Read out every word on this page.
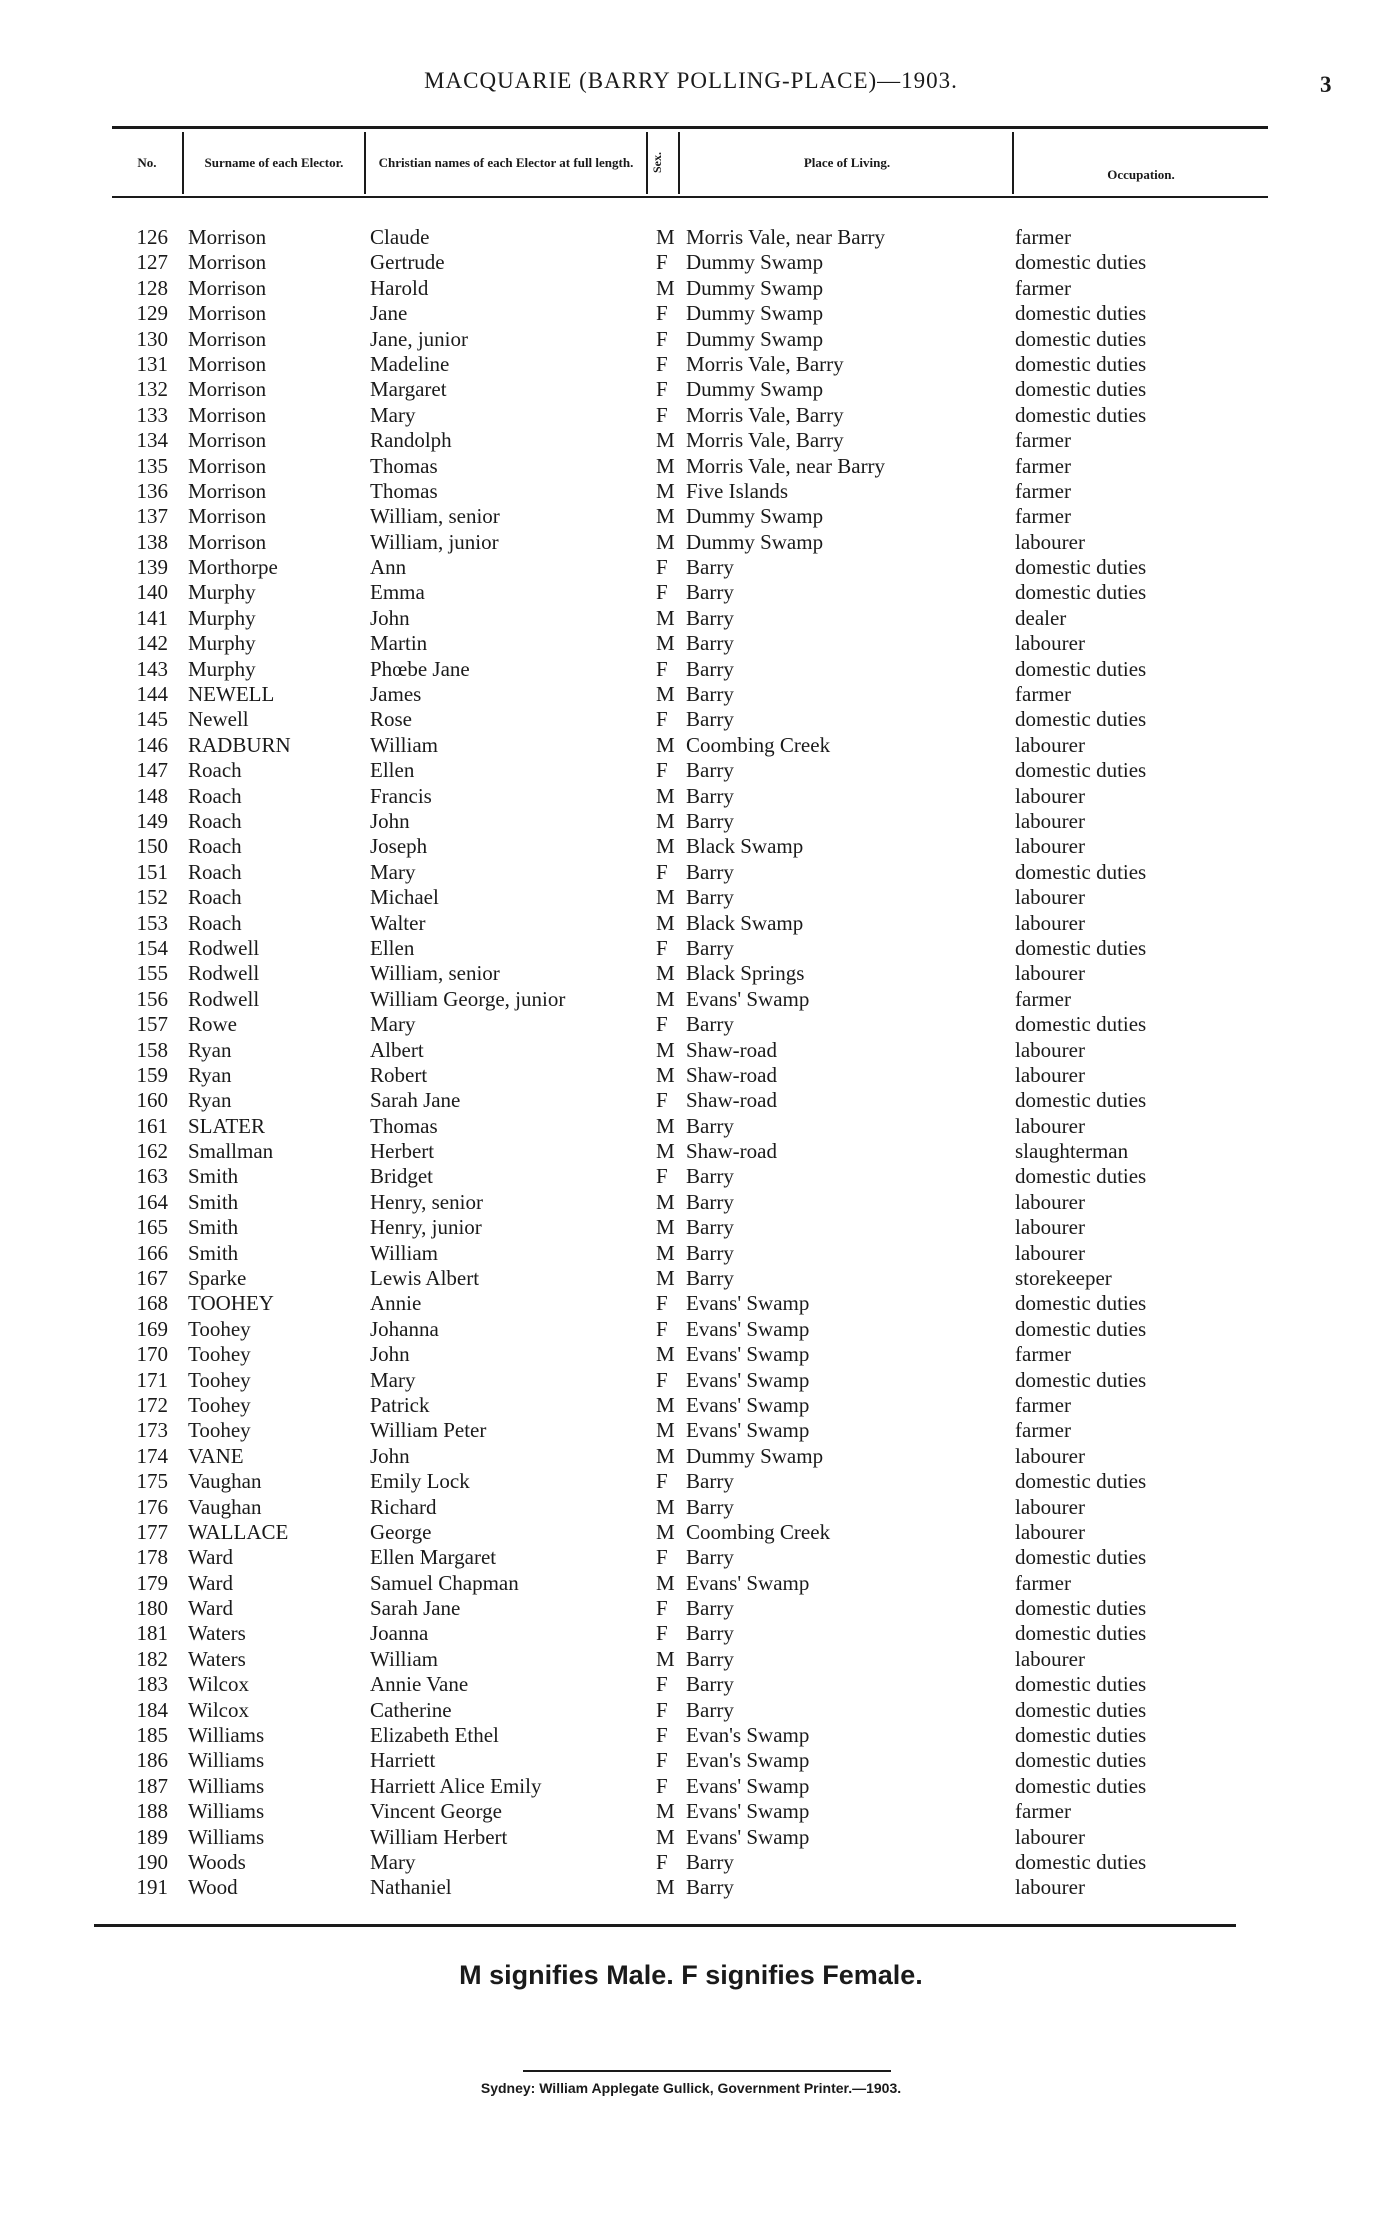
MACQUARIE (BARRY POLLING-PLACE)—1903.	3
No.	Surname of each Elector.	Christian names of each Elector at full length.	Sex.	Place of Living.
Occupation.
126 Morrison	Claude	M Morris Vale, near Barry	farmer
127 Morrison	Gertrude	F Dummy Swamp	domestic duties
128 Morrison	Harold	M Dummy Swamp	farmer
129 Morrison	Jane	F Dummy Swamp	domestic duties
130 Morrison	Jane, junior	F Dummy Swamp	domestic duties
131 Morrison	Madeline	F Morris Vale, Barry	domestic duties
132 Morrison	Margaret	F Dummy Swamp	domestic duties
133 Morrison	Mary	F Morris Vale, Barry	domestic duties
134 Morrison	Randolph	M Morris Vale, Barry	farmer
135 Morrison	Thomas	M Morris Vale, near Barry	farmer
136 Morrison	Thomas	M Five Islands	farmer
137 Morrison	William, senior	M Dummy Swamp	farmer
138 Morrison	William, junior	M Dummy Swamp	labourer
139 Morthorpe	Ann	F Barry	domestic duties
140 Murphy	Emma	F Barry	domestic duties
141 Murphy	John	M Barry	dealer
142 Murphy	Martin	M Barry	labourer
143 Murphy	Phœbe Jane	F Barry	domestic duties
144 NEWELL	James	M Barry	farmer
145 Newell	Rose	F Barry	domestic duties
146 RADBURN	William	M Coombing Creek	labourer
147 Roach	Ellen	F Barry	domestic duties
148 Roach	Francis	M Barry	labourer
149 Roach	John	M Barry	labourer
150 Roach	Joseph	M Black Swamp	labourer
151 Roach	Mary	F Barry	domestic duties
152 Roach	Michael	M Barry	labourer
153 Roach	Walter	M Black Swamp	labourer
154 Rodwell	Ellen	F Barry	domestic duties
155 Rodwell	William, senior	M Black Springs	labourer
156 Rodwell	William George, junior	M Evans' Swamp	farmer
157 Rowe	Mary	F Barry	domestic duties
158 Ryan	Albert	M Shaw-road	labourer
159 Ryan	Robert	M Shaw-road	labourer
160 Ryan	Sarah Jane	F Shaw-road	domestic duties
161 SLATER	Thomas	M Barry	labourer
162 Smallman	Herbert	M Shaw-road	slaughterman
163 Smith	Bridget	F Barry	domestic duties
164 Smith	Henry, senior	M Barry	labourer
165 Smith	Henry, junior	M Barry	labourer
166 Smith	William	M Barry	labourer
167 Sparke	Lewis Albert	M Barry	storekeeper
168 TOOHEY	Annie	F Evans' Swamp	domestic duties
169 Toohey	Johanna	F Evans' Swamp	domestic duties
170 Toohey	John	M Evans' Swamp	farmer
171 Toohey	Mary	F Evans' Swamp	domestic duties
172 Toohey	Patrick	M Evans' Swamp	farmer
173 Toohey	William Peter	M Evans' Swamp	farmer
174 VANE	John	M Dummy Swamp	labourer
175 Vaughan	Emily Lock	F Barry	domestic duties
176 Vaughan	Richard	M Barry	labourer
177 WALLACE	George	M Coombing Creek	labourer
178 Ward	Ellen Margaret	F Barry	domestic duties
179 Ward	Samuel Chapman	M Evans' Swamp	farmer
180 Ward	Sarah Jane	F Barry	domestic duties
181 Waters	Joanna	F Barry	domestic duties
182 Waters	William	M Barry	labourer
183 Wilcox	Annie Vane	F Barry	domestic duties
184 Wilcox	Catherine	F Barry	domestic duties
185 Williams	Elizabeth Ethel	F Evan's Swamp	domestic duties
186 Williams	Harriett	F Evan's Swamp	domestic duties
187 Williams	Harriett Alice Emily	F Evans' Swamp	domestic duties
188 Williams	Vincent George	M Evans' Swamp	farmer
189 Williams	William Herbert	M Evans' Swamp	labourer
190 Woods	Mary	F Barry	domestic duties
191 Wood	Nathaniel	M Barry	labourer
M signifies Male. F signifies Female.
Sydney: William Applegate Gullick, Government Printer.—1903.
